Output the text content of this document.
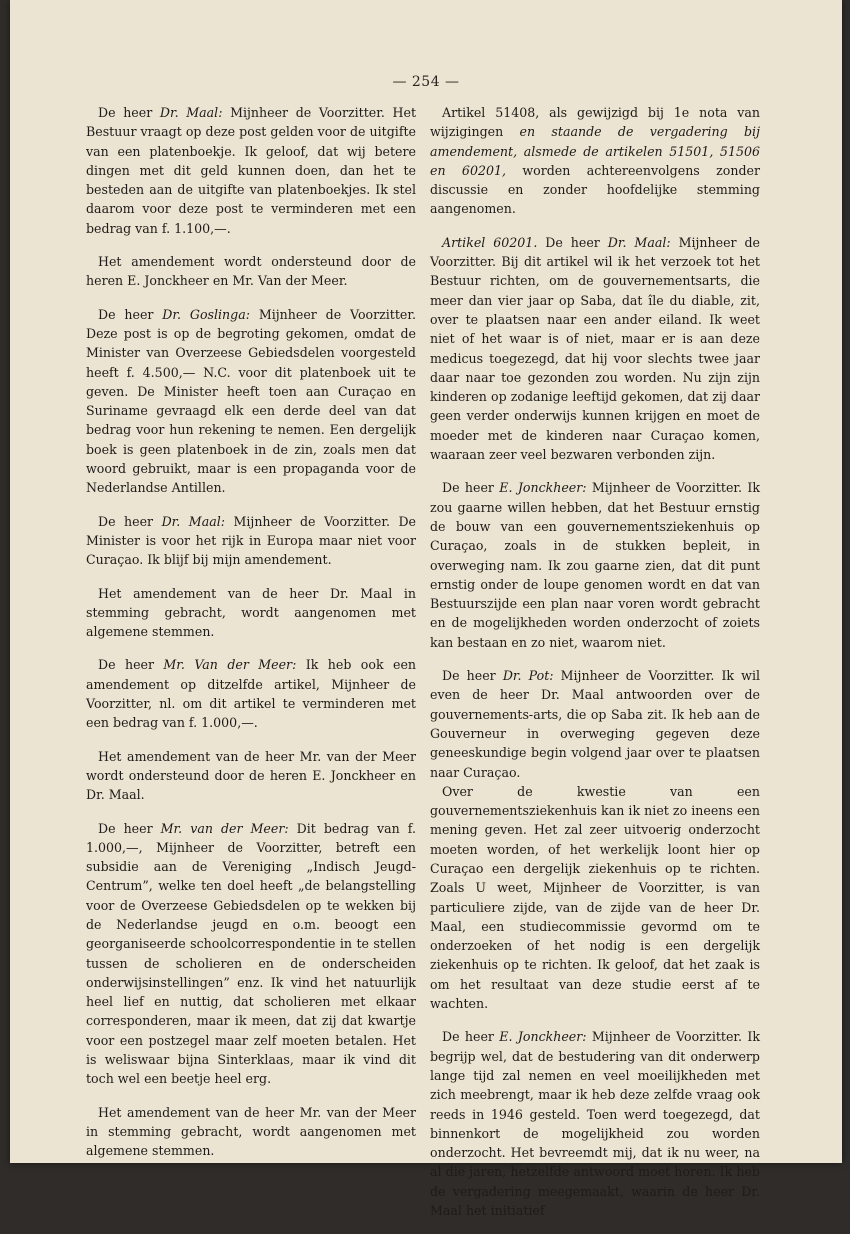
— 254 —

De heer Dr. Maal: Mijnheer de Voorzitter. Het Bestuur vraagt op deze post gelden voor de uitgifte van een platenboekje. Ik geloof, dat wij betere dingen met dit geld kunnen doen, dan het te besteden aan de uitgifte van platenboekjes. Ik stel daarom voor deze post te verminderen met een bedrag van f. 1.100,—.

Het amendement wordt ondersteund door de heren E. Jonckheer en Mr. Van der Meer.

De heer Dr. Goslinga: Mijnheer de Voorzitter. Deze post is op de begroting gekomen, omdat de Minister van Overzeese Gebiedsdelen voorgesteld heeft f. 4.500,— N.C. voor dit platenboek uit te geven. De Minister heeft toen aan Curaçao en Suriname gevraagd elk een derde deel van dat bedrag voor hun rekening te nemen. Een dergelijk boek is geen platenboek in de zin, zoals men dat woord gebruikt, maar is een propaganda voor de Nederlandse Antillen.

De heer Dr. Maal: Mijnheer de Voorzitter. De Minister is voor het rijk in Europa maar niet voor Curaçao. Ik blijf bij mijn amendement.

Het amendement van de heer Dr. Maal in stemming gebracht, wordt aangenomen met algemene stemmen.

De heer Mr. Van der Meer: Ik heb ook een amendement op ditzelfde artikel, Mijnheer de Voorzitter, nl. om dit artikel te verminderen met een bedrag van f. 1.000,—.

Het amendement van de heer Mr. van der Meer wordt ondersteund door de heren E. Jonckheer en Dr. Maal.

De heer Mr. van der Meer: Dit bedrag van f. 1.000,—, Mijnheer de Voorzitter, betreft een subsidie aan de Vereniging „Indisch Jeugd-Centrum”, welke ten doel heeft „de belangstelling voor de Overzeese Gebiedsdelen op te wekken bij de Nederlandse jeugd en o.m. beoogt een georganiseerde schoolcorrespondentie in te stellen tussen de scholieren en de onderscheiden onderwijsinstellingen” enz. Ik vind het natuurlijk heel lief en nuttig, dat scholieren met elkaar corresponderen, maar ik meen, dat zij dat kwartje voor een postzegel maar zelf moeten betalen. Het is weliswaar bijna Sinterklaas, maar ik vind dit toch wel een beetje heel erg.

Het amendement van de heer Mr. van der Meer in stemming gebracht, wordt aangenomen met algemene stemmen.

Artikel 51408, als gewijzigd bij 1e nota van wijzigingen en staande de vergadering bij amendement, alsmede de artikelen 51501, 51506 en 60201, worden achtereenvolgens zonder discussie en zonder hoofdelijke stemming aangenomen.

Artikel 60201. De heer Dr. Maal: Mijnheer de Voorzitter. Bij dit artikel wil ik het verzoek tot het Bestuur richten, om de gouvernementsarts, die meer dan vier jaar op Saba, dat île du diable, zit, over te plaatsen naar een ander eiland. Ik weet niet of het waar is of niet, maar er is aan deze medicus toegezegd, dat hij voor slechts twee jaar daar naar toe gezonden zou worden. Nu zijn zijn kinderen op zodanige leeftijd gekomen, dat zij daar geen verder onderwijs kunnen krijgen en moet de moeder met de kinderen naar Curaçao komen, waaraan zeer veel bezwaren verbonden zijn.

De heer E. Jonckheer: Mijnheer de Voorzitter. Ik zou gaarne willen hebben, dat het Bestuur ernstig de bouw van een gouvernementsziekenhuis op Curaçao, zoals in de stukken bepleit, in overweging nam. Ik zou gaarne zien, dat dit punt ernstig onder de loupe genomen wordt en dat van Bestuurszijde een plan naar voren wordt gebracht en de mogelijkheden worden onderzocht of zoiets kan bestaan en zo niet, waarom niet.

De heer Dr. Pot: Mijnheer de Voorzitter. Ik wil even de heer Dr. Maal antwoorden over de gouvernements-arts, die op Saba zit. Ik heb aan de Gouverneur in overweging gegeven deze geneeskundige begin volgend jaar over te plaatsen naar Curaçao.

Over de kwestie van een gouvernementsziekenhuis kan ik niet zo ineens een mening geven. Het zal zeer uitvoerig onderzocht moeten worden, of het werkelijk loont hier op Curaçao een dergelijk ziekenhuis op te richten. Zoals U weet, Mijnheer de Voorzitter, is van particuliere zijde, van de zijde van de heer Dr. Maal, een studiecommissie gevormd om te onderzoeken of het nodig is een dergelijk ziekenhuis op te richten. Ik geloof, dat het zaak is om het resultaat van deze studie eerst af te wachten.

De heer E. Jonckheer: Mijnheer de Voorzitter. Ik begrijp wel, dat de bestudering van dit onderwerp lange tijd zal nemen en veel moeilijkheden met zich meebrengt, maar ik heb deze zelfde vraag ook reeds in 1946 gesteld. Toen werd toegezegd, dat binnenkort de mogelijkheid zou worden onderzocht. Het bevreemdt mij, dat ik nu weer, na al die jaren, hetzelfde antwoord moet horen. Ik heb de vergadering meegemaakt, waarin de heer Dr. Maal het initiatief
